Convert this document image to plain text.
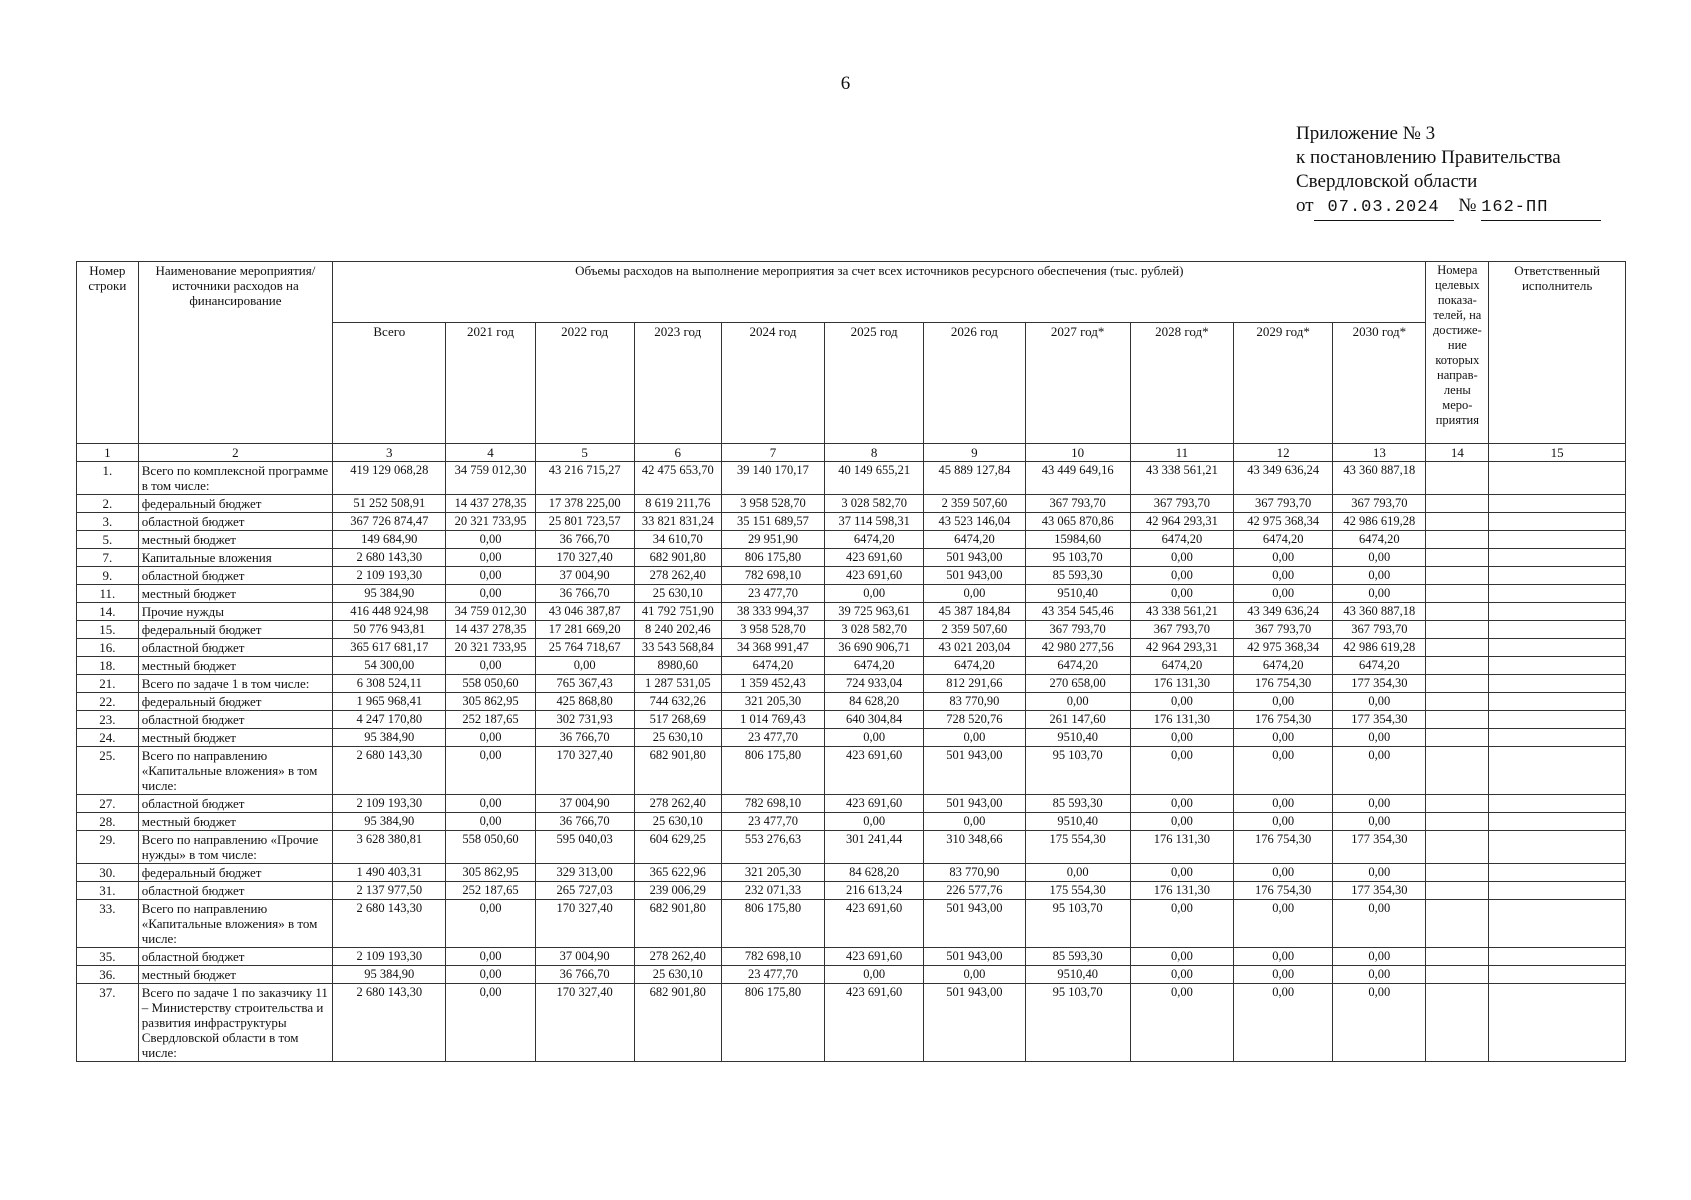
6
Приложение № 3
к постановлению Правительства
Свердловской области
от 07.03.2024 № 162-ПП
Номер строки	Наименование мероприятия/ источники расходов на финансирование	Объемы расходов на выполнение мероприятия за счет всех источников ресурсного обеспечения (тыс. рублей)											Номера целевых показа-телей, на достиже-ние которых направ-лены меро-приятия	Ответственный исполнитель
		Всего	2021 год	2022 год	2023 год	2024 год	2025 год	2026 год	2027 год*	2028 год*	2029 год*	2030 год*		
1	2	3	4	5	6	7	8	9	10	11	12	13	14	15
1.	Всего по комплексной программе в том числе:	419 129 068,28	34 759 012,30	43 216 715,27	42 475 653,70	39 140 170,17	40 149 655,21	45 889 127,84	43 449 649,16	43 338 561,21	43 349 636,24	43 360 887,18		
2.	федеральный бюджет	51 252 508,91	14 437 278,35	17 378 225,00	8 619 211,76	3 958 528,70	3 028 582,70	2 359 507,60	367 793,70	367 793,70	367 793,70	367 793,70		
3.	областной бюджет	367 726 874,47	20 321 733,95	25 801 723,57	33 821 831,24	35 151 689,57	37 114 598,31	43 523 146,04	43 065 870,86	42 964 293,31	42 975 368,34	42 986 619,28		
5.	местный бюджет	149 684,90	0,00	36 766,70	34 610,70	29 951,90	6474,20	6474,20	15984,60	6474,20	6474,20	6474,20		
7.	Капитальные вложения	2 680 143,30	0,00	170 327,40	682 901,80	806 175,80	423 691,60	501 943,00	95 103,70	0,00	0,00	0,00		
9.	областной бюджет	2 109 193,30	0,00	37 004,90	278 262,40	782 698,10	423 691,60	501 943,00	85 593,30	0,00	0,00	0,00		
11.	местный бюджет	95 384,90	0,00	36 766,70	25 630,10	23 477,70	0,00	0,00	9510,40	0,00	0,00	0,00		
14.	Прочие нужды	416 448 924,98	34 759 012,30	43 046 387,87	41 792 751,90	38 333 994,37	39 725 963,61	45 387 184,84	43 354 545,46	43 338 561,21	43 349 636,24	43 360 887,18		
15.	федеральный бюджет	50 776 943,81	14 437 278,35	17 281 669,20	8 240 202,46	3 958 528,70	3 028 582,70	2 359 507,60	367 793,70	367 793,70	367 793,70	367 793,70		
16.	областной бюджет	365 617 681,17	20 321 733,95	25 764 718,67	33 543 568,84	34 368 991,47	36 690 906,71	43 021 203,04	42 980 277,56	42 964 293,31	42 975 368,34	42 986 619,28		
18.	местный бюджет	54 300,00	0,00	0,00	8980,60	6474,20	6474,20	6474,20	6474,20	6474,20	6474,20	6474,20		
21.	Всего по задаче 1 в том числе:	6 308 524,11	558 050,60	765 367,43	1 287 531,05	1 359 452,43	724 933,04	812 291,66	270 658,00	176 131,30	176 754,30	177 354,30		
22.	федеральный бюджет	1 965 968,41	305 862,95	425 868,80	744 632,26	321 205,30	84 628,20	83 770,90	0,00	0,00	0,00	0,00		
23.	областной бюджет	4 247 170,80	252 187,65	302 731,93	517 268,69	1 014 769,43	640 304,84	728 520,76	261 147,60	176 131,30	176 754,30	177 354,30		
24.	местный бюджет	95 384,90	0,00	36 766,70	25 630,10	23 477,70	0,00	0,00	9510,40	0,00	0,00	0,00		
25.	Всего по направлению «Капитальные вложения» в том числе:	2 680 143,30	0,00	170 327,40	682 901,80	806 175,80	423 691,60	501 943,00	95 103,70	0,00	0,00	0,00		
27.	областной бюджет	2 109 193,30	0,00	37 004,90	278 262,40	782 698,10	423 691,60	501 943,00	85 593,30	0,00	0,00	0,00		
28.	местный бюджет	95 384,90	0,00	36 766,70	25 630,10	23 477,70	0,00	0,00	9510,40	0,00	0,00	0,00		
29.	Всего по направлению «Прочие нужды» в том числе:	3 628 380,81	558 050,60	595 040,03	604 629,25	553 276,63	301 241,44	310 348,66	175 554,30	176 131,30	176 754,30	177 354,30		
30.	федеральный бюджет	1 490 403,31	305 862,95	329 313,00	365 622,96	321 205,30	84 628,20	83 770,90	0,00	0,00	0,00	0,00		
31.	областной бюджет	2 137 977,50	252 187,65	265 727,03	239 006,29	232 071,33	216 613,24	226 577,76	175 554,30	176 131,30	176 754,30	177 354,30		
33.	Всего по направлению «Капитальные вложения» в том числе:	2 680 143,30	0,00	170 327,40	682 901,80	806 175,80	423 691,60	501 943,00	95 103,70	0,00	0,00	0,00		
35.	областной бюджет	2 109 193,30	0,00	37 004,90	278 262,40	782 698,10	423 691,60	501 943,00	85 593,30	0,00	0,00	0,00		
36.	местный бюджет	95 384,90	0,00	36 766,70	25 630,10	23 477,70	0,00	0,00	9510,40	0,00	0,00	0,00		
37.	Всего по задаче 1 по заказчику 11 – Министерству строительства и развития инфраструктуры Свердловской области в том числе:	2 680 143,30	0,00	170 327,40	682 901,80	806 175,80	423 691,60	501 943,00	95 103,70	0,00	0,00	0,00		
